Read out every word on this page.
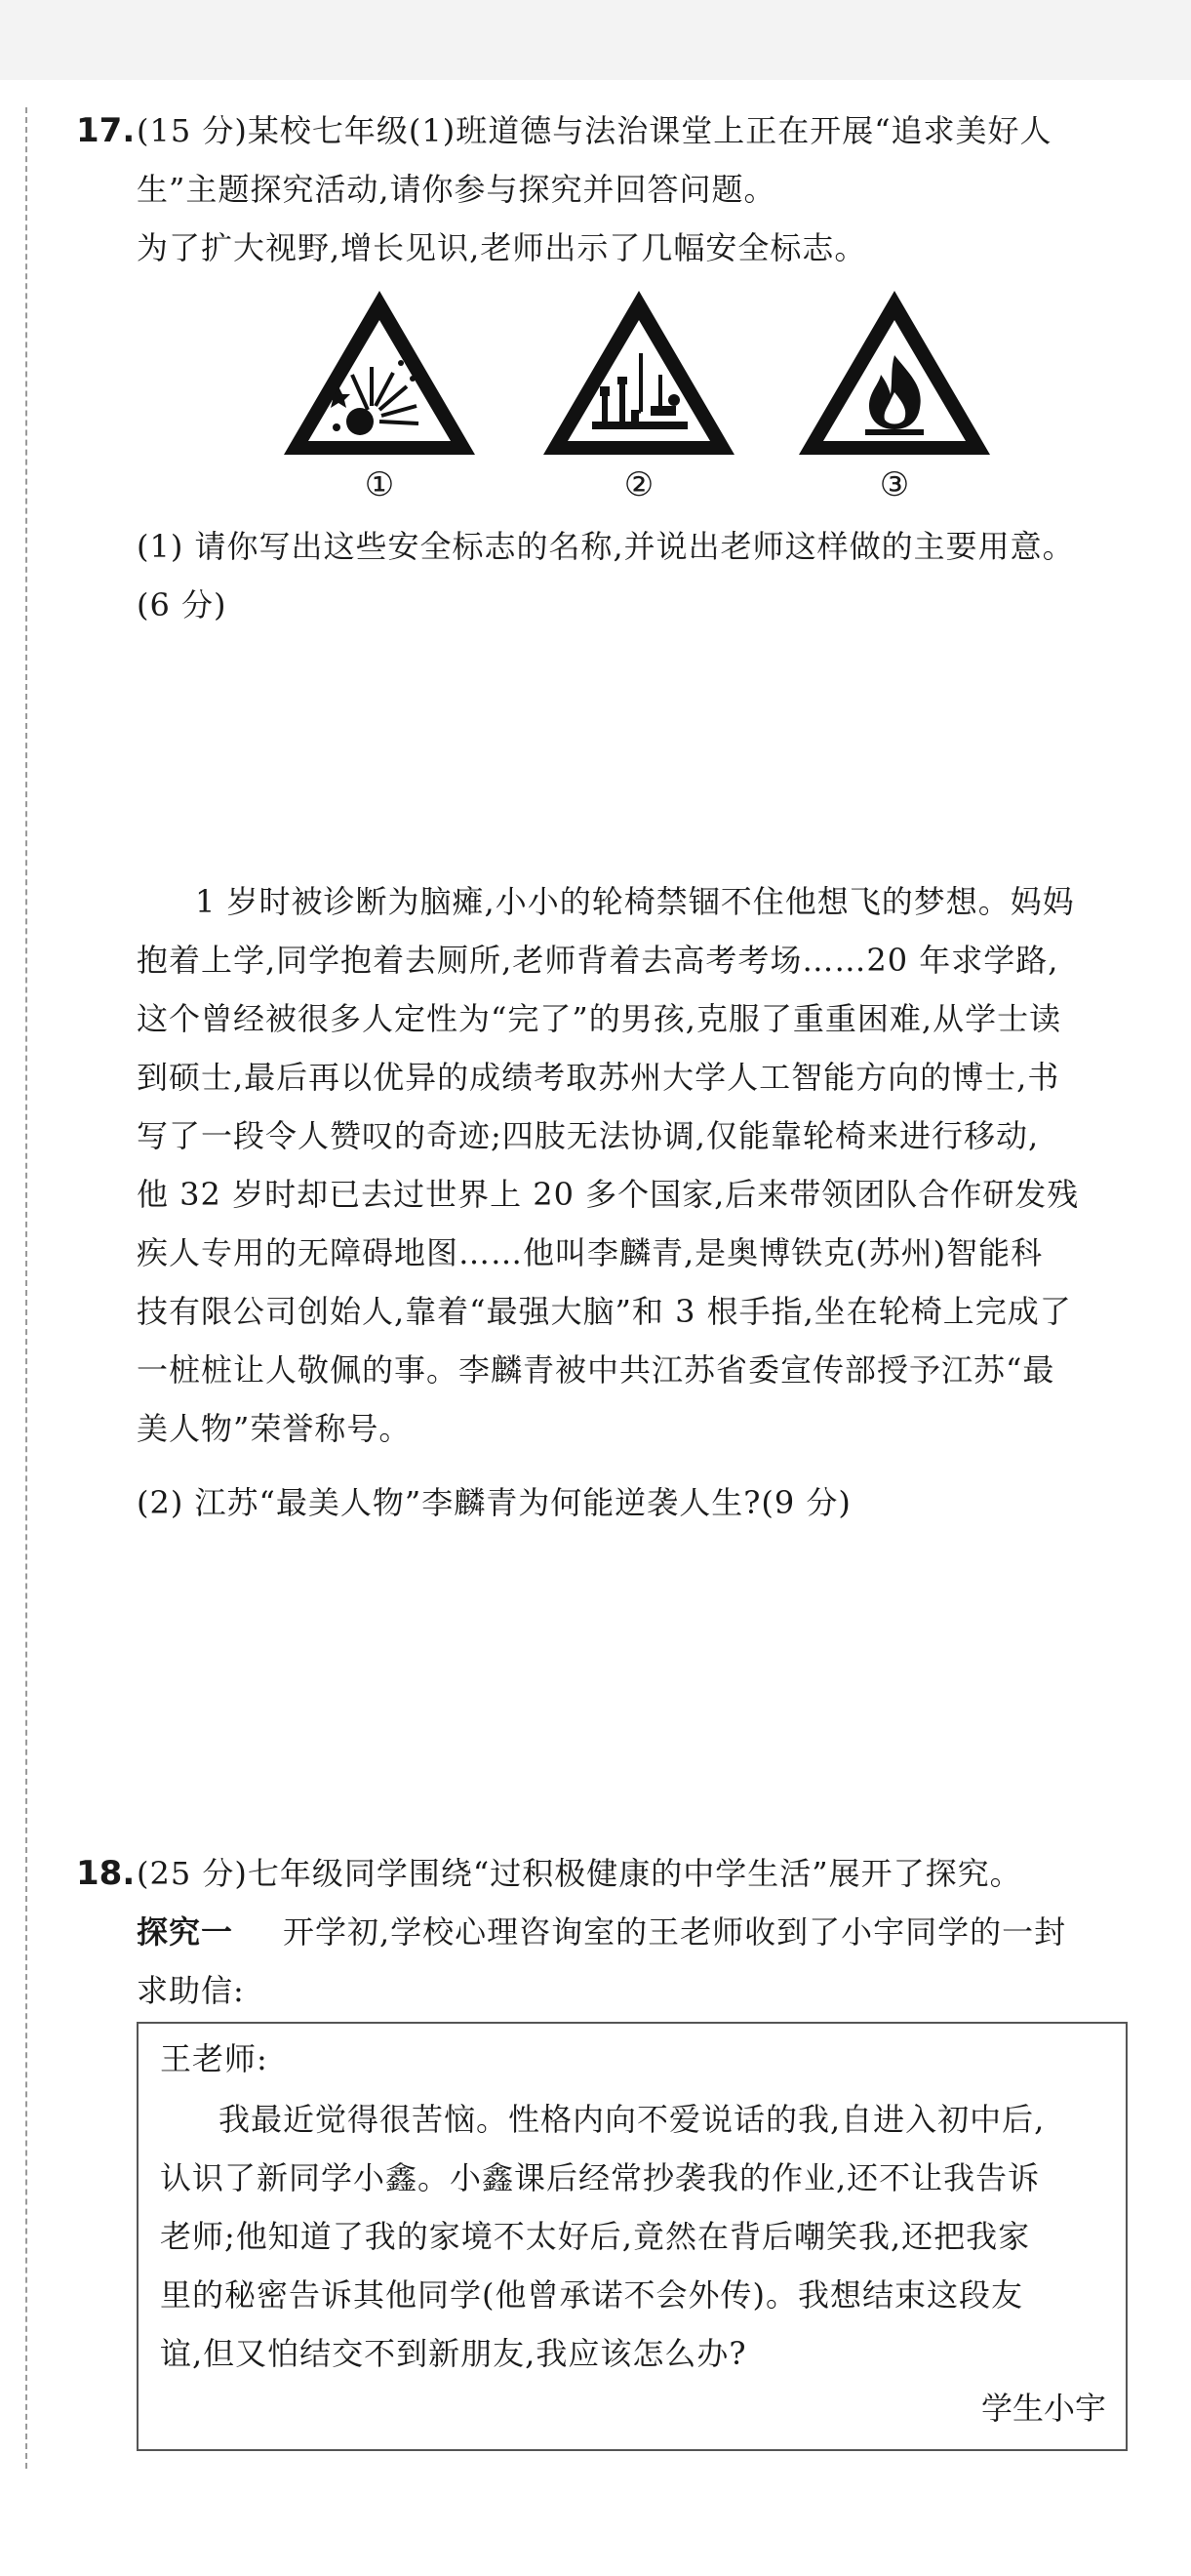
17. (15 分)某校七年级(1)班道德与法治课堂上正在开展“追求美好人
生”主题探究活动,请你参与探究并回答问题。
为了扩大视野,增长见识,老师出示了几幅安全标志。
①	②	③
(1) 请你写出这些安全标志的名称,并说出老师这样做的主要用意。
(6 分)
1 岁时被诊断为脑瘫,小小的轮椅禁锢不住他想飞的梦想。妈妈
抱着上学,同学抱着去厕所,老师背着去高考考场……20 年求学路,
这个曾经被很多人定性为“完了”的男孩,克服了重重困难,从学士读
到硕士,最后再以优异的成绩考取苏州大学人工智能方向的博士,书
写了一段令人赞叹的奇迹;四肢无法协调,仅能靠轮椅来进行移动,
他 32 岁时却已去过世界上 20 多个国家,后来带领团队合作研发残
疾人专用的无障碍地图……他叫李麟青,是奥博铁克(苏州)智能科
技有限公司创始人,靠着“最强大脑”和 3 根手指,坐在轮椅上完成了
一桩桩让人敬佩的事。李麟青被中共江苏省委宣传部授予江苏“最
美人物”荣誉称号。
(2) 江苏“最美人物”李麟青为何能逆袭人生?(9 分)
18. (25 分)七年级同学围绕“过积极健康的中学生活”展开了探究。
探究一	开学初,学校心理咨询室的王老师收到了小宇同学的一封
求助信:
王老师:
我最近觉得很苦恼。性格内向不爱说话的我,自进入初中后,
认识了新同学小鑫。小鑫课后经常抄袭我的作业,还不让我告诉
老师;他知道了我的家境不太好后,竟然在背后嘲笑我,还把我家
里的秘密告诉其他同学(他曾承诺不会外传)。我想结束这段友
谊,但又怕结交不到新朋友,我应该怎么办?
学生小宇
